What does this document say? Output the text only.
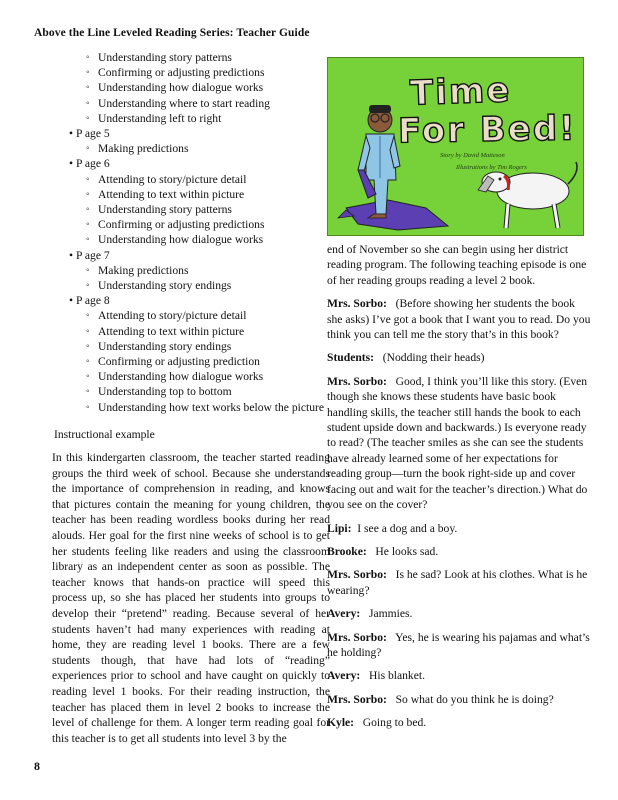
Above the Line Leveled Reading Series: Teacher Guide
◦ Understanding story patterns
◦ Confirming or adjusting predictions
◦ Understanding how dialogue works
◦ Understanding where to start reading
◦ Understanding left to right
• P age 5
◦ Making predictions
• P age 6
◦ Attending to story/picture detail
◦ Attending to text within picture
◦ Understanding story patterns
◦ Confirming or adjusting predictions
◦ Understanding how dialogue works
• P age 7
◦ Making predictions
◦ Understanding story endings
• P age 8
◦ Attending to story/picture detail
◦ Attending to text within picture
◦ Understanding story endings
◦ Confirming or adjusting prediction
◦ Understanding how dialogue works
◦ Understanding top to bottom
◦ Understanding how text works below the picture
Instructional example
In this kindergarten classroom, the teacher started reading groups the third week of school. Because she understands the importance of comprehension in reading, and knows that pictures contain the meaning for young children, the teacher has been reading wordless books during her read alouds. Her goal for the first nine weeks of school is to get her students feeling like readers and using the classroom library as an independent center as soon as possible. The teacher knows that hands-on practice will speed this process up, so she has placed her students into groups to develop their “pretend” reading. Because several of her students haven’t had many experiences with reading at home, they are reading level 1 books. There are a few students though, that have had lots of “reading” experiences prior to school and have caught on quickly to reading level 1 books. For their reading instruction, the teacher has placed them in level 2 books to increase the level of challenge for them. A longer term reading goal for this teacher is to get all students into level 3 by the
Time
For Bed!
Story by David Matteson
Illustrations by Tim Rogers

end of November so she can begin using her district reading program. The following teaching episode is one of her reading groups reading a level 2 book.

Mrs. Sorbo: (Before showing her students the book she asks) I’ve got a book that I want you to read. Do you think you can tell me the story that’s in this book?

Students: (Nodding their heads)

Mrs. Sorbo: Good, I think you’ll like this story. (Even though she knows these students have basic book handling skills, the teacher still hands the book to each student upside down and backwards.) Is everyone ready to read? (The teacher smiles as she can see the students have already learned some of her expectations for reading group—turn the book right-side up and cover facing out and wait for the teacher’s direction.) What do you see on the cover?

Lipi: I see a dog and a boy.

Brooke: He looks sad.

Mrs. Sorbo: Is he sad? Look at his clothes. What is he wearing?

Avery: Jammies.

Mrs. Sorbo: Yes, he is wearing his pajamas and what’s he holding?

Avery: His blanket.

Mrs. Sorbo: So what do you think he is doing?

Kyle: Going to bed.

8
